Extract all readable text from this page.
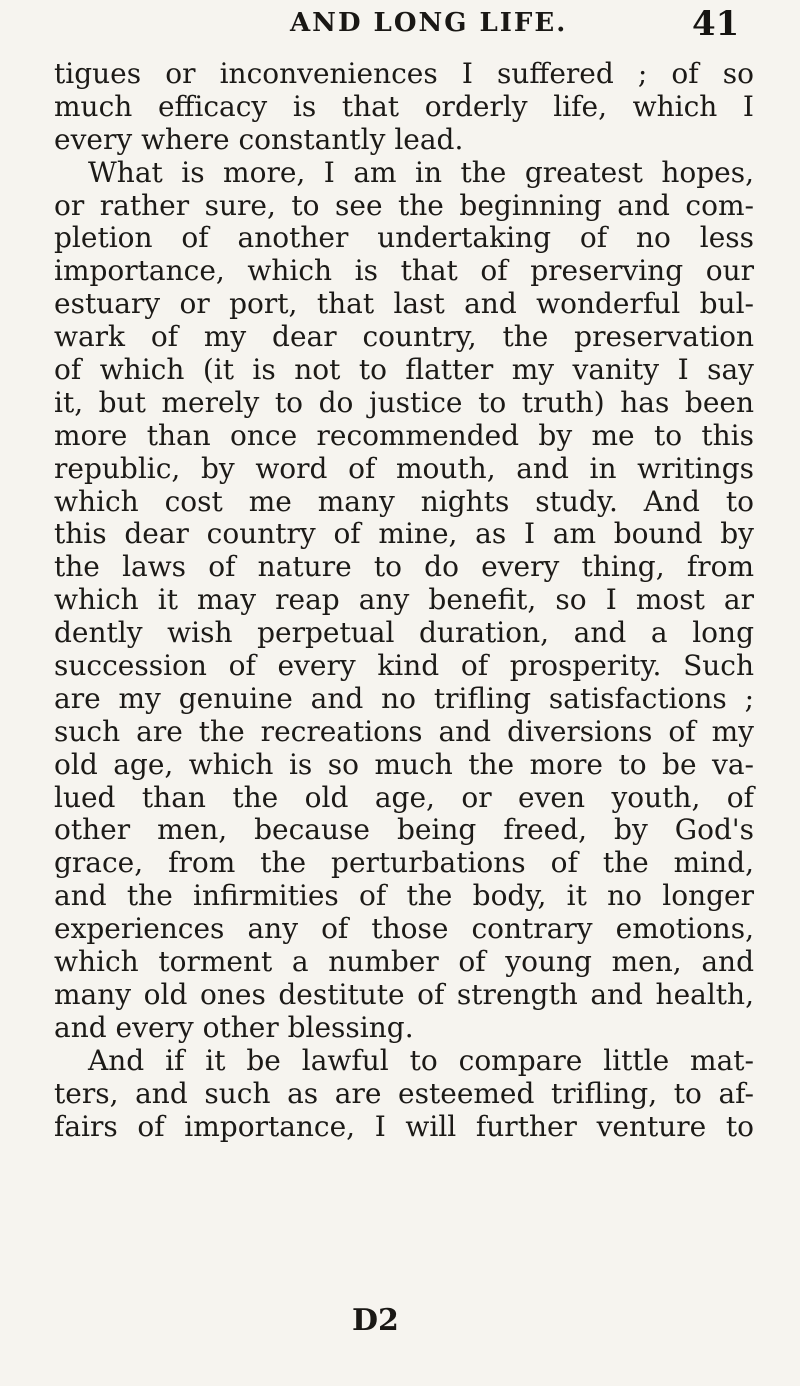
AND LONG LIFE.	41
tigues or inconveniences I suffered ; of so
much efficacy is that orderly life, which I
every where constantly lead.
What is more, I am in the greatest hopes,
or rather sure, to see the beginning and com-
pletion of another undertaking of no less
importance, which is that of preserving our
estuary or port, that last and wonderful bul-
wark of my dear country, the preservation
of which (it is not to flatter my vanity I say
it, but merely to do justice to truth) has been
more than once recommended by me to this
republic, by word of mouth, and in writings
which cost me many nights study. And to
this dear country of mine, as I am bound by
the laws of nature to do every thing, from
which it may reap any benefit, so I most ar
dently wish perpetual duration, and a long
succession of every kind of prosperity. Such
are my genuine and no trifling satisfactions ;
such are the recreations and diversions of my
old age, which is so much the more to be va-
lued than the old age, or even youth, of
other men, because being freed, by God's
grace, from the perturbations of the mind,
and the infirmities of the body, it no longer
experiences any of those contrary emotions,
which torment a number of young men, and
many old ones destitute of strength and health,
and every other blessing.
And if it be lawful to compare little mat-
ters, and such as are esteemed trifling, to af-
fairs of importance, I will further venture to
D2
